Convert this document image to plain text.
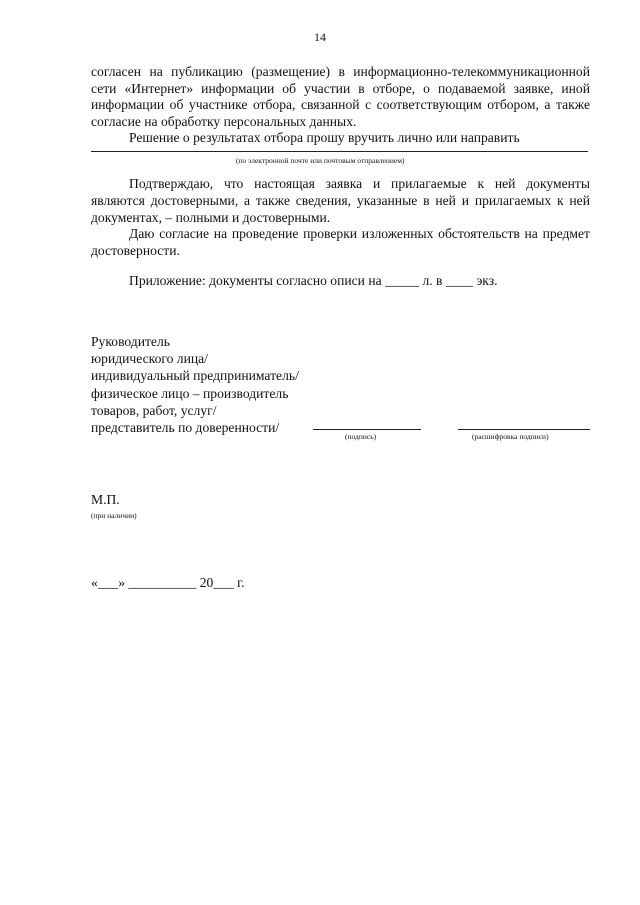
14
согласен на публикацию (размещение) в информационно-телекоммуникационной
сети «Интернет» информации об участии в отборе, о подаваемой заявке, иной
информации об участнике отбора, связанной с соответствующим отбором, а также
согласие на обработку персональных данных.
Решение о результатах отбора прошу вручить лично или направить
(по электронной почте или почтовым отправлением)
Подтверждаю, что настоящая заявка и прилагаемые к ней документы
являются достоверными, а также сведения, указанные в ней и прилагаемых к ней
документах, – полными и достоверными.
Даю согласие на проведение проверки изложенных обстоятельств на предмет
достоверности.
Приложение: документы согласно описи на _____ л. в ____ экз.
Руководитель
юридического лица/
индивидуальный предприниматель/
физическое лицо – производитель
товаров, работ, услуг/
представитель по доверенности/
(подпись)	(расшифровка подписи)
М.П.
(при наличии)
«___» __________ 20___ г.
